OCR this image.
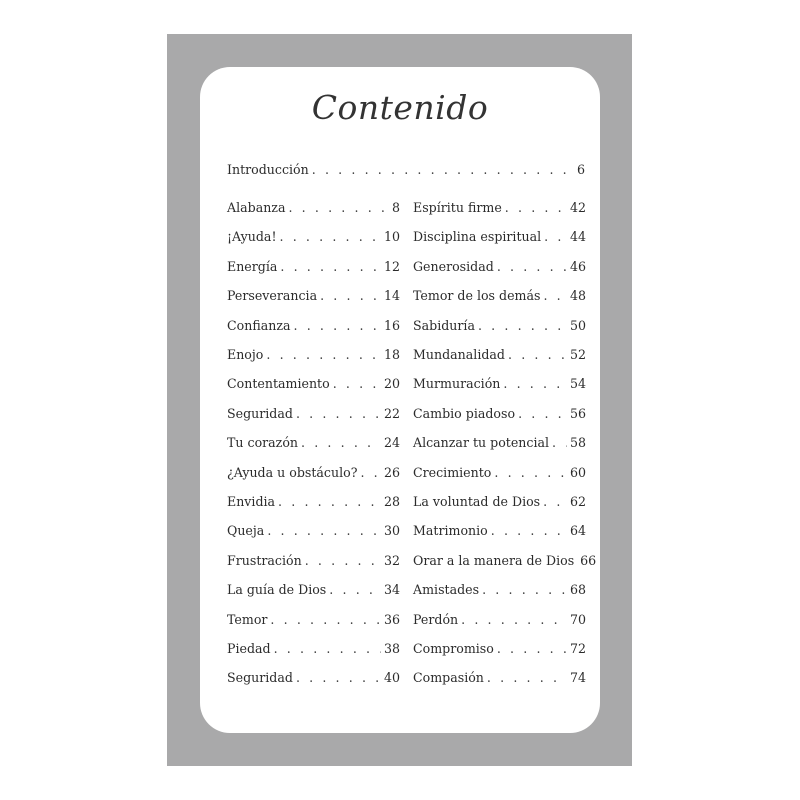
Contenido
Introducción . . .	6
Alabanza . . .	8
¡Ayuda! . . .	10
Energía . . .	12
Perseverancia . . .	14
Confianza . . .	16
Enojo . . .	18
Contentamiento . . .	20
Seguridad . . .	22
Tu corazón . . .	24
¿Ayuda u obstáculo? . . . 26
Envidia . . .	28
Queja . . .	30
Frustración . . .	32
La guía de Dios . . .	34
Temor . . .	36
Piedad . . .	38
Seguridad . . .	40
Espíritu firme . . .	42
Disciplina espiritual . . . 44
Generosidad . . .	46
Temor de los demás . . . 48
Sabiduría . . .	50
Mundanalidad . . .	52
Murmuración . . .	54
Cambio piadoso . . .	56
Alcanzar tu potencial . . . 58
Crecimiento . . .	60
La voluntad de Dios . . . 62
Matrimonio . . .	64
Orar a la manera de Dios 66
Amistades . . .	68
Perdón . . .	70
Compromiso . . .	72
Compasión . . .	74
